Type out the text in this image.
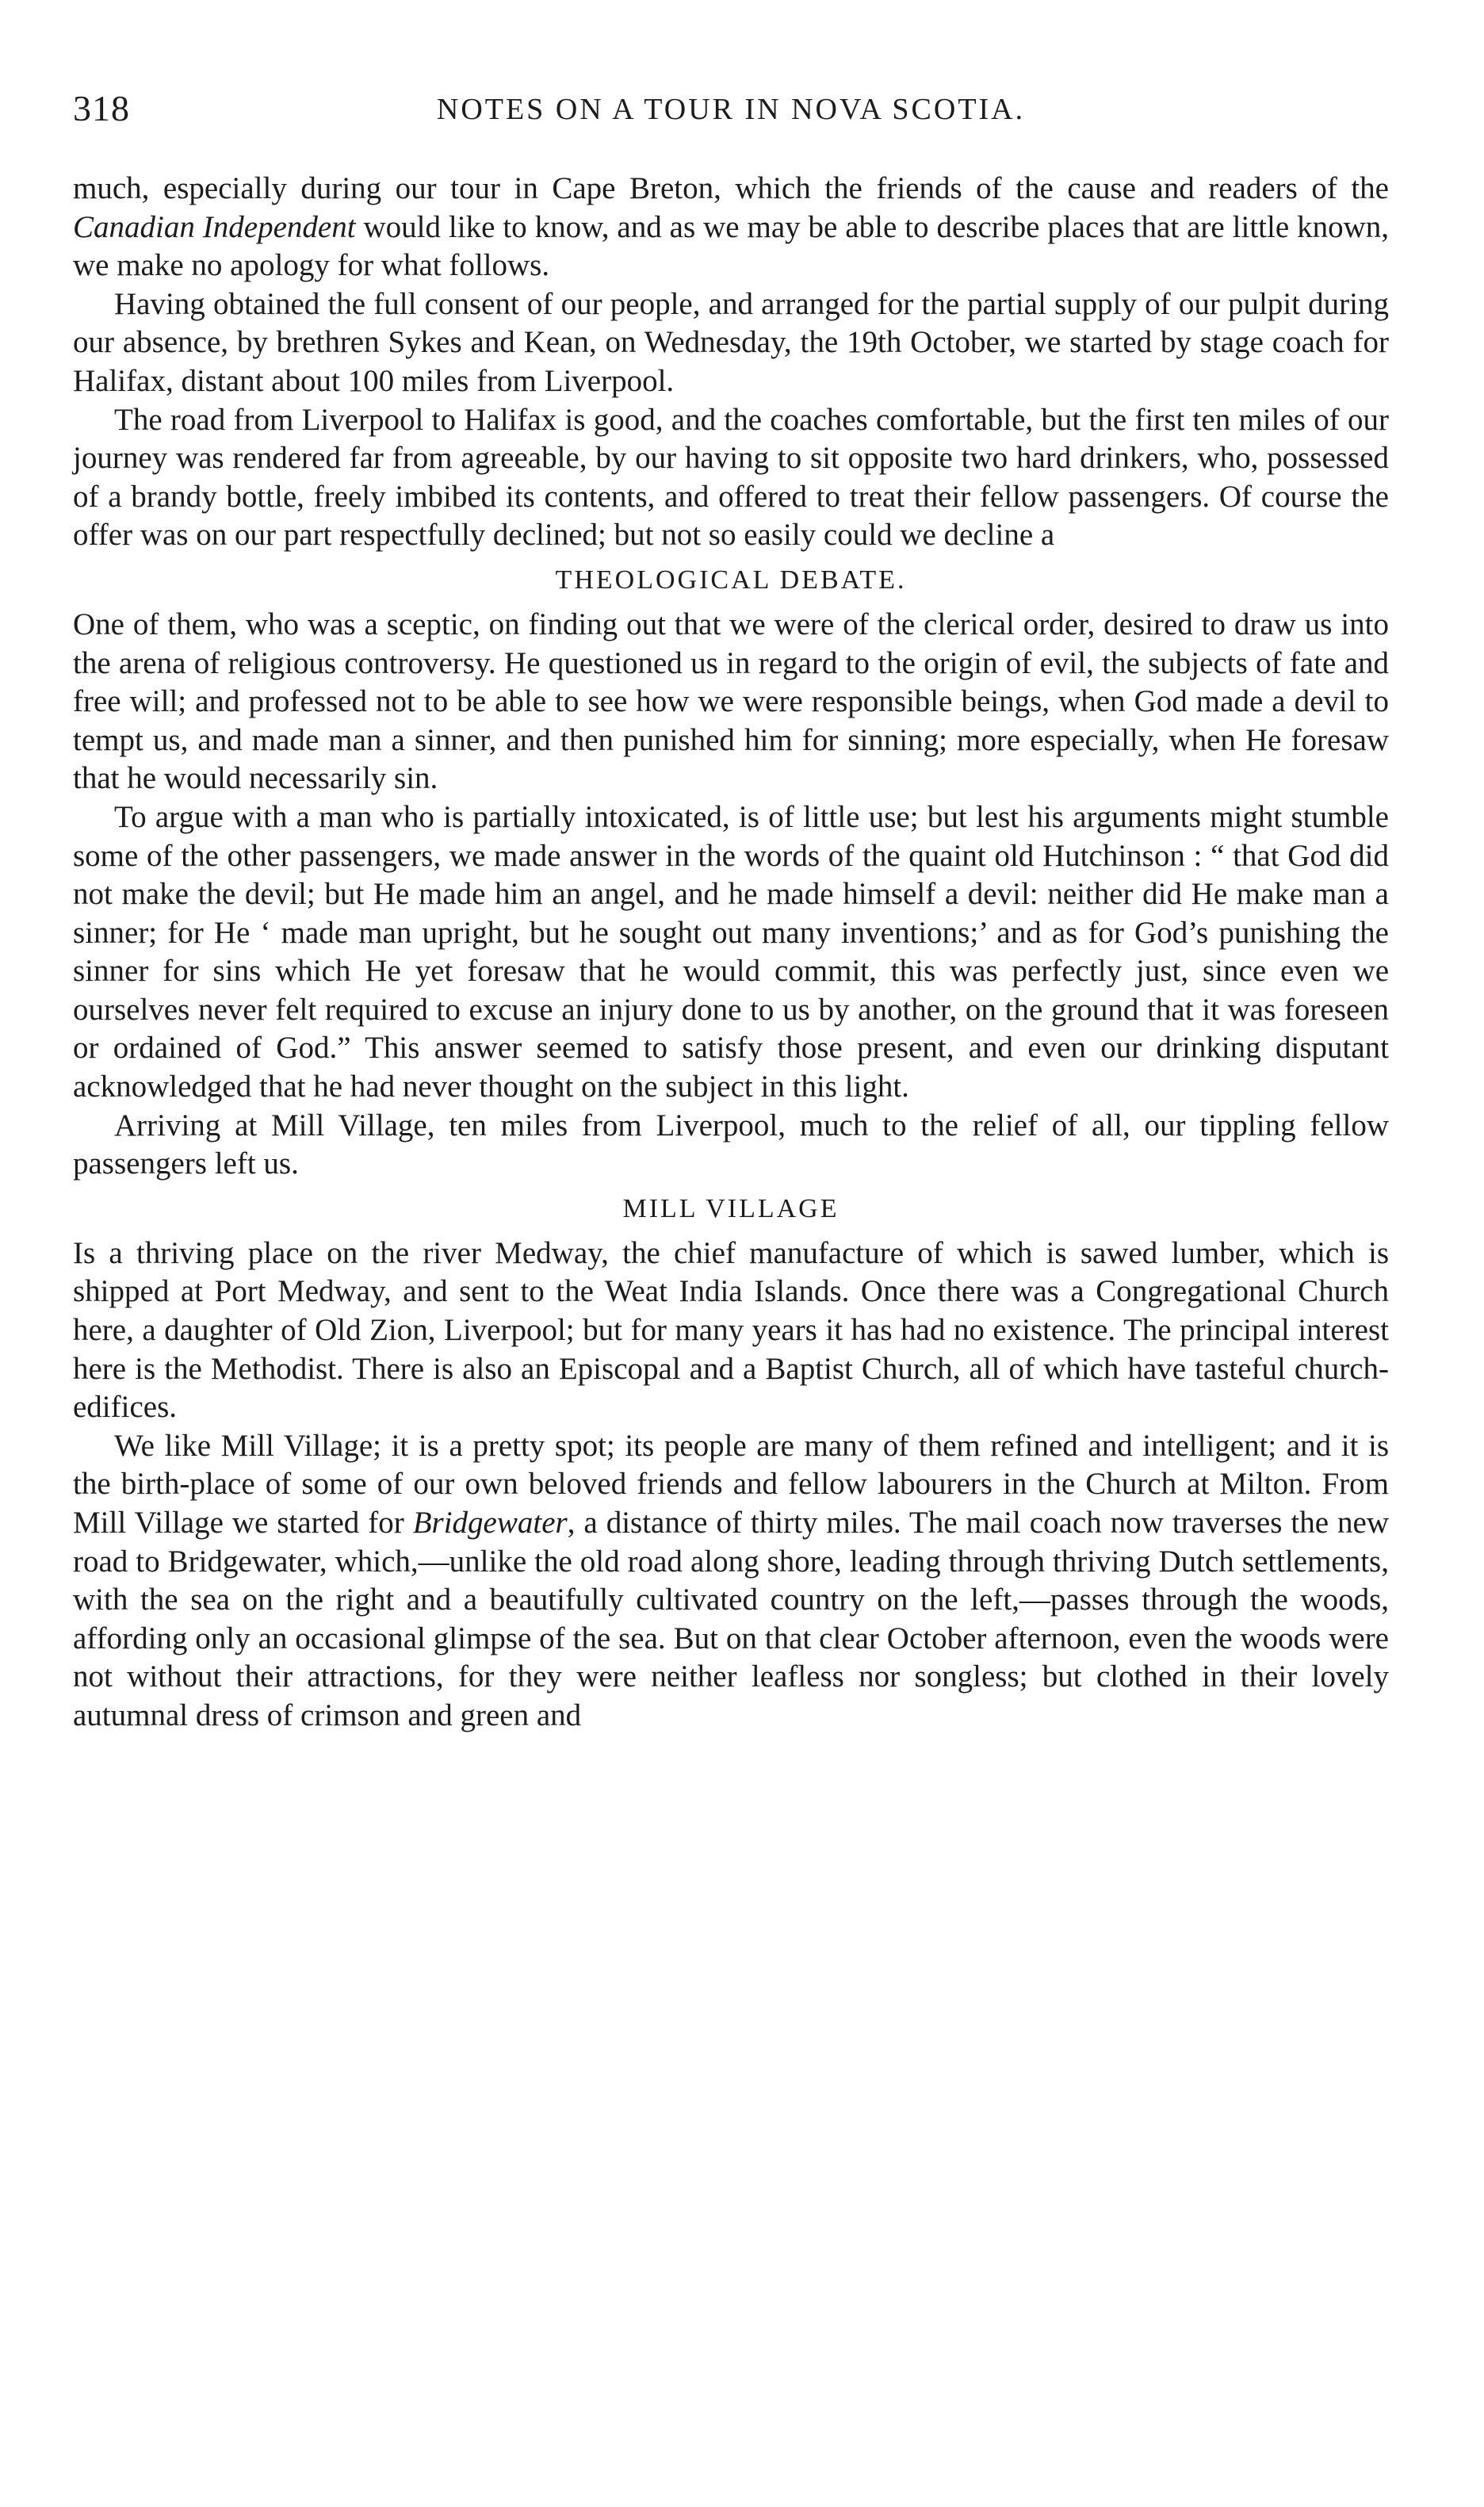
318	NOTES ON A TOUR IN NOVA SCOTIA.

much, especially during our tour in Cape Breton, which the friends of the cause and readers of the Canadian Independent would like to know, and as we may be able to describe places that are little known, we make no apology for what follows.

Having obtained the full consent of our people, and arranged for the partial supply of our pulpit during our absence, by brethren Sykes and Kean, on Wednesday, the 19th October, we started by stage coach for Halifax, distant about 100 miles from Liverpool.

The road from Liverpool to Halifax is good, and the coaches comfortable, but the first ten miles of our journey was rendered far from agreeable, by our having to sit opposite two hard drinkers, who, possessed of a brandy bottle, freely imbibed its contents, and offered to treat their fellow passengers. Of course the offer was on our part respectfully declined; but not so easily could we decline a

THEOLOGICAL DEBATE.

One of them, who was a sceptic, on finding out that we were of the clerical order, desired to draw us into the arena of religious controversy. He questioned us in regard to the origin of evil, the subjects of fate and free will; and professed not to be able to see how we were responsible beings, when God made a devil to tempt us, and made man a sinner, and then punished him for sinning; more especially, when He foresaw that he would necessarily sin.

To argue with a man who is partially intoxicated, is of little use; but lest his arguments might stumble some of the other passengers, we made answer in the words of the quaint old Hutchinson : “ that God did not make the devil; but He made him an angel, and he made himself a devil: neither did He make man a sinner; for He ‘ made man upright, but he sought out many inventions;’ and as for God’s punishing the sinner for sins which He yet foresaw that he would commit, this was perfectly just, since even we ourselves never felt required to excuse an injury done to us by another, on the ground that it was foreseen or ordained of God.” This answer seemed to satisfy those present, and even our drinking disputant acknowledged that he had never thought on the subject in this light.

Arriving at Mill Village, ten miles from Liverpool, much to the relief of all, our tippling fellow passengers left us.

MILL VILLAGE

Is a thriving place on the river Medway, the chief manufacture of which is sawed lumber, which is shipped at Port Medway, and sent to the Weat India Islands. Once there was a Congregational Church here, a daughter of Old Zion, Liverpool; but for many years it has had no existence. The principal interest here is the Methodist. There is also an Episcopal and a Baptist Church, all of which have tasteful church-edifices.

We like Mill Village; it is a pretty spot; its people are many of them refined and intelligent; and it is the birth-place of some of our own beloved friends and fellow labourers in the Church at Milton. From Mill Village we started for Bridgewater, a distance of thirty miles. The mail coach now traverses the new road to Bridgewater, which,—unlike the old road along shore, leading through thriving Dutch settlements, with the sea on the right and a beautifully cultivated country on the left,—passes through the woods, affording only an occasional glimpse of the sea. But on that clear October afternoon, even the woods were not without their attractions, for they were neither leafless nor songless; but clothed in their lovely autumnal dress of crimson and green and
